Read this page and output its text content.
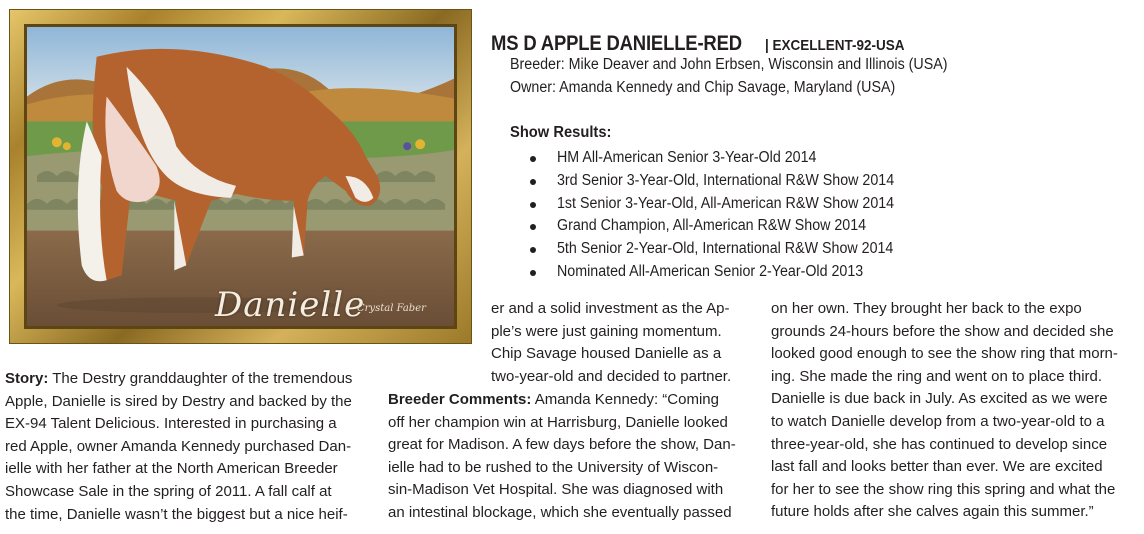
Danielle
Crystal Faber
MS D APPLE DANIELLE-RED | EXCELLENT-92-USA
Breeder: Mike Deaver and John Erbsen, Wisconsin and Illinois (USA)
Owner: Amanda Kennedy and Chip Savage, Maryland (USA)
Show Results:
HM All-American Senior 3-Year-Old 2014
3rd Senior 3-Year-Old, International R&W Show 2014
1st Senior 3-Year-Old, All-American R&W Show 2014
Grand Champion, All-American R&W Show 2014
5th Senior 2-Year-Old, International R&W Show 2014
Nominated All-American Senior 2-Year-Old 2013
Story: The Destry granddaughter of the tremendous
Apple, Danielle is sired by Destry and backed by the
EX-94 Talent Delicious. Interested in purchasing a
red Apple, owner Amanda Kennedy purchased Dan-
ielle with her father at the North American Breeder
Showcase Sale in the spring of 2011. A fall calf at
the time, Danielle wasn’t the biggest but a nice heif-
er and a solid investment as the Ap-
ple’s were just gaining momentum.
Chip Savage housed Danielle as a
two-year-old and decided to partner.
Breeder Comments: Amanda Kennedy: “Coming
off her champion win at Harrisburg, Danielle looked
great for Madison. A few days before the show, Dan-
ielle had to be rushed to the University of Wiscon-
sin-Madison Vet Hospital. She was diagnosed with
an intestinal blockage, which she eventually passed
on her own. They brought her back to the expo
grounds 24-hours before the show and decided she
looked good enough to see the show ring that morn-
ing. She made the ring and went on to place third.
Danielle is due back in July. As excited as we were
to watch Danielle develop from a two-year-old to a
three-year-old, she has continued to develop since
last fall and looks better than ever. We are excited
for her to see the show ring this spring and what the
future holds after she calves again this summer.”
